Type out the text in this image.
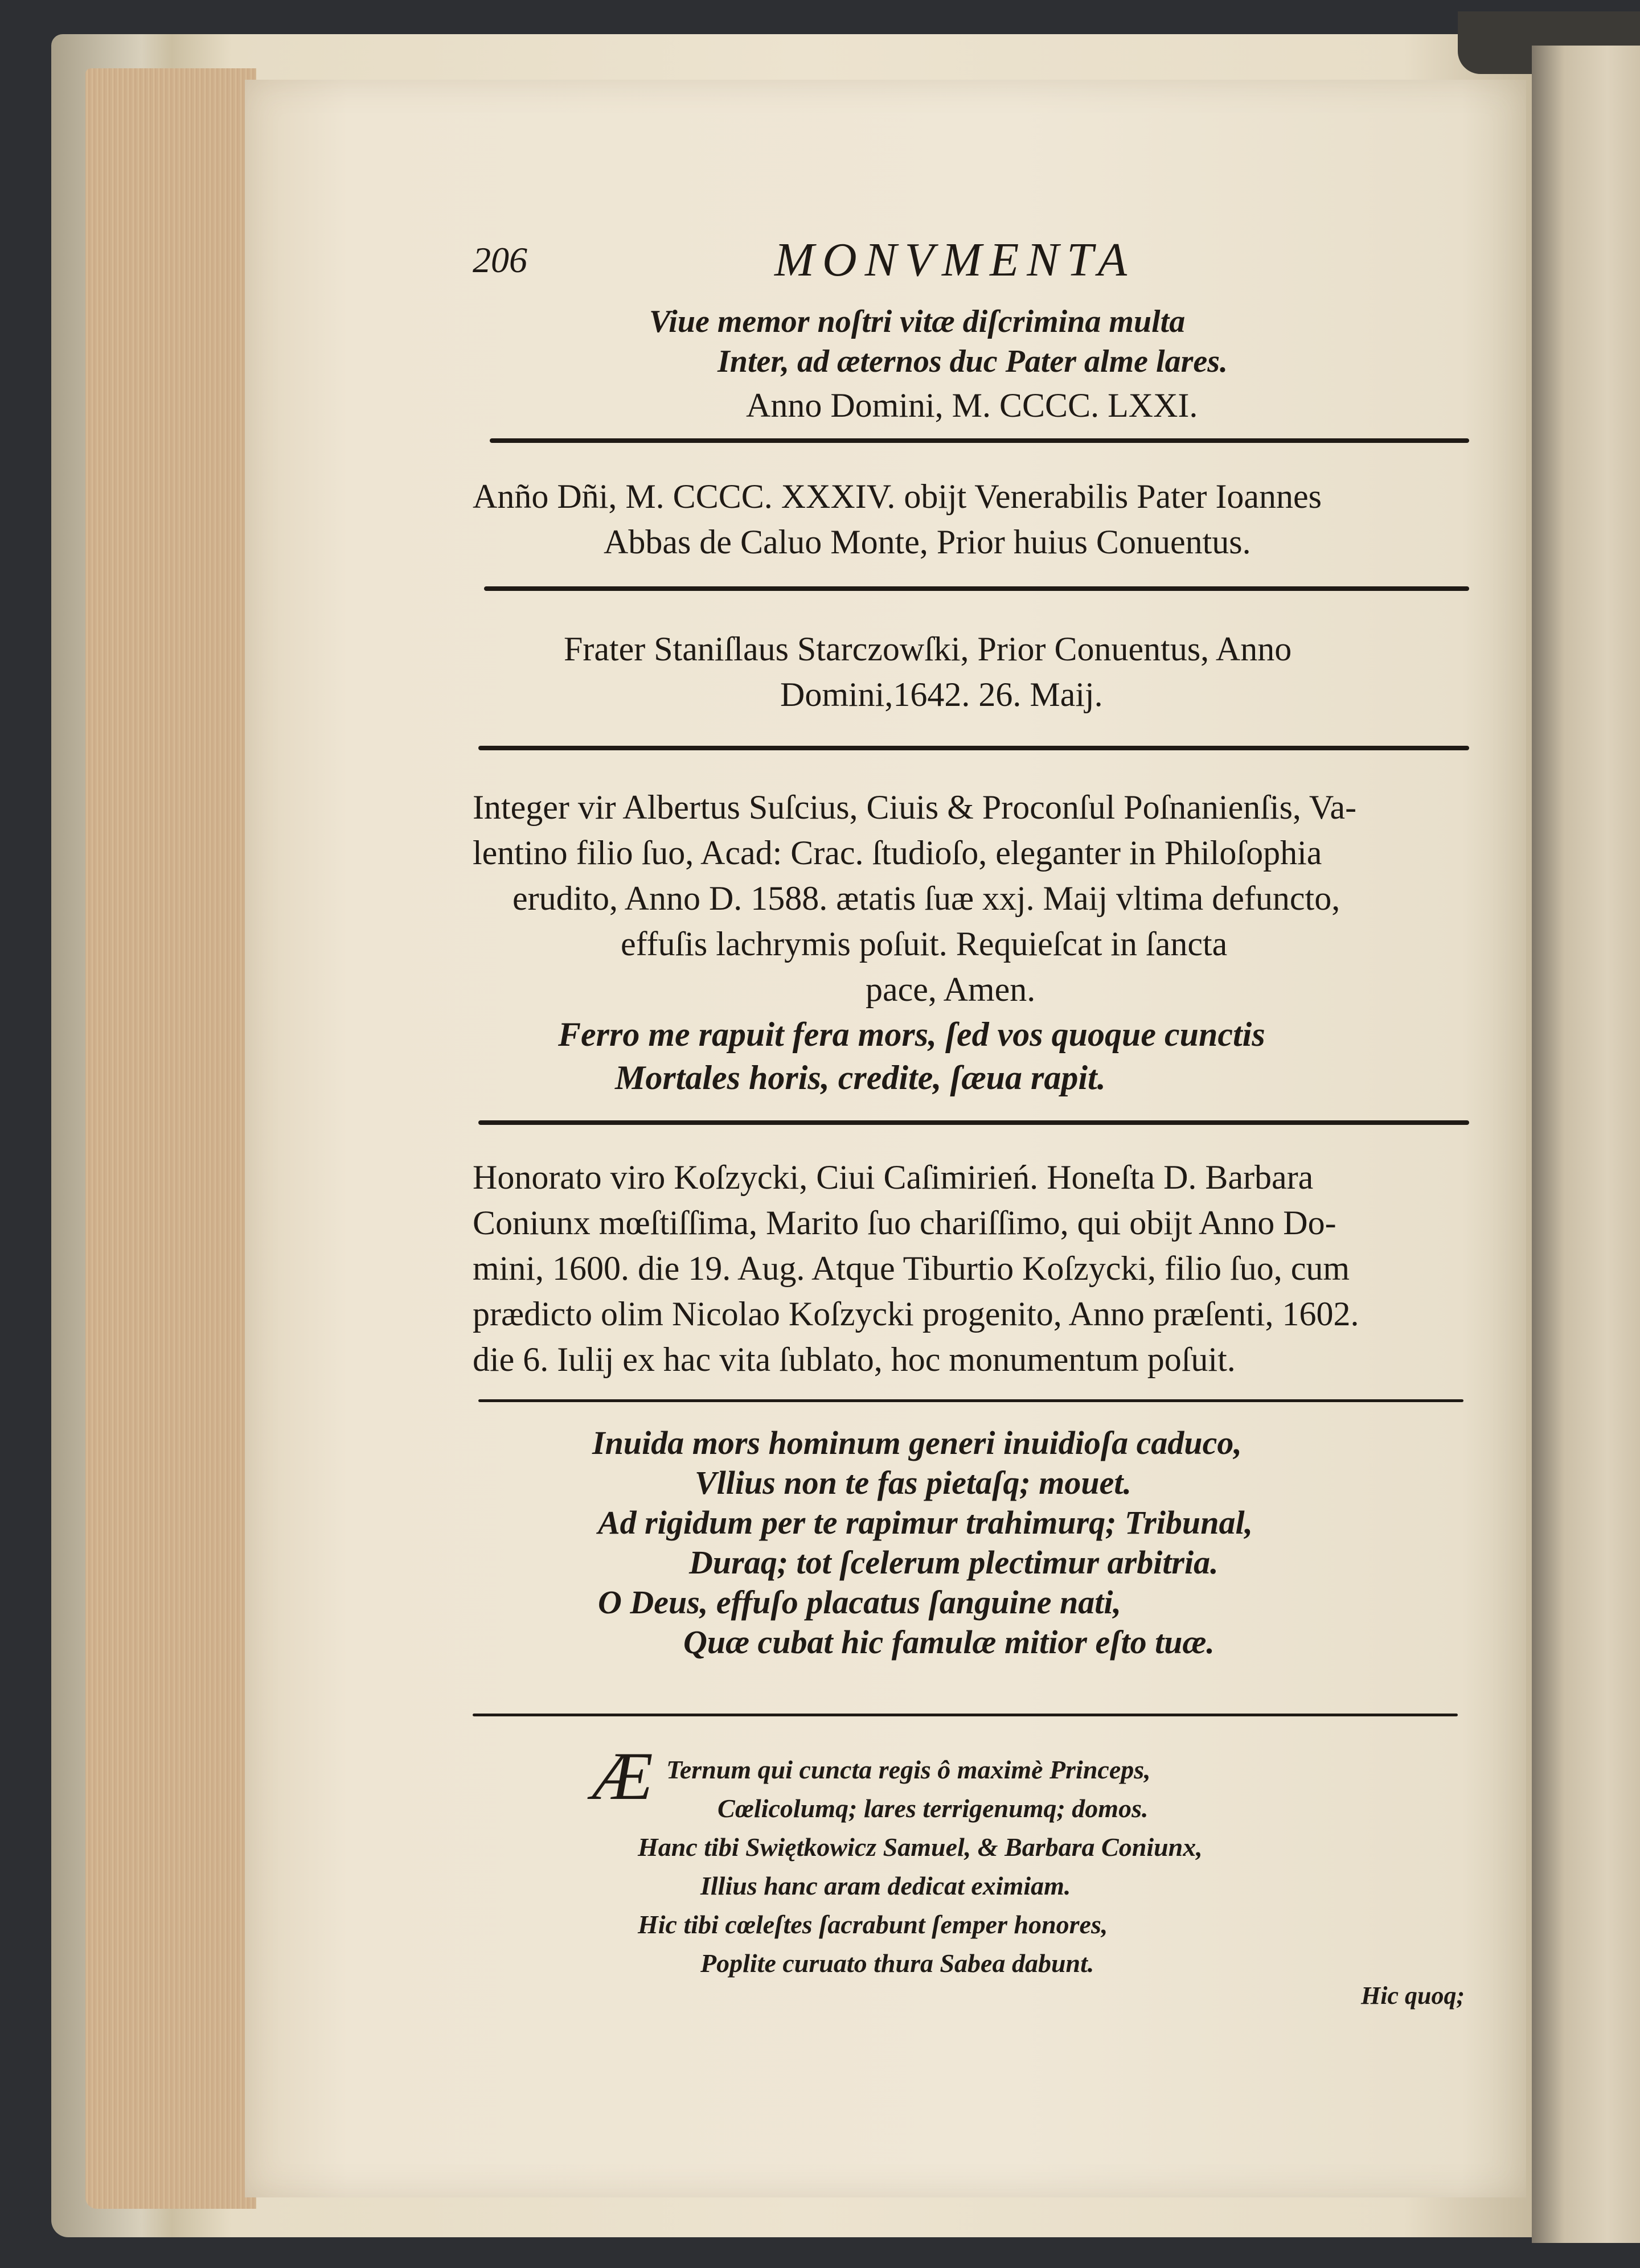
206	MONVMENTA
Viue memor noſtri vitæ diſcrimina multa
Inter, ad æternos duc Pater alme lares.
Anno Domini, M. CCCC. LXXI.
Anño Dñi, M. CCCC. XXXIV. obijt Venerabilis Pater Ioannes
Abbas de Caluo Monte, Prior huius Conuentus.
Frater Staniſlaus Starczowſki, Prior Conuentus, Anno
Domini,1642. 26. Maij.
Integer vir Albertus Suſcius, Ciuis & Proconſul Poſnanienſis, Va-
lentino filio ſuo, Acad: Crac. ſtudioſo, eleganter in Philoſophia
erudito, Anno D. 1588. ætatis ſuæ xxj. Maij vltima defuncto,
effuſis lachrymis poſuit. Requieſcat in ſancta
pace, Amen.
Ferro me rapuit fera mors, ſed vos quoque cunctis
Mortales horis, credite, ſæua rapit.
Honorato viro Koſzycki, Ciui Caſimirień. Honeſta D. Barbara
Coniunx mœſtiſſima, Marito ſuo chariſſimo, qui obijt Anno Do-
mini, 1600. die 19. Aug. Atque Tiburtio Koſzycki, filio ſuo, cum
prædicto olim Nicolao Koſzycki progenito, Anno præſenti, 1602.
die 6. Iulij ex hac vita ſublato, hoc monumentum poſuit.
Inuida mors hominum generi inuidioſa caduco,
Vllius non te fas pietaſq; mouet.
Ad rigidum per te rapimur trahimurq; Tribunal,
Duraq; tot ſcelerum plectimur arbitria.
O Deus, effuſo placatus ſanguine nati,
Quæ cubat hic famulæ mitior eſto tuæ.
Æ Ternum qui cuncta regis ô maximè Princeps,
Cœlicolumq; lares terrigenumq; domos.
Hanc tibi Swiętkowicz Samuel, & Barbara Coniunx,
Illius hanc aram dedicat eximiam.
Hic tibi cœleſtes ſacrabunt ſemper honores,
Poplite curuato thura Sabea dabunt.
Hic quoq;
